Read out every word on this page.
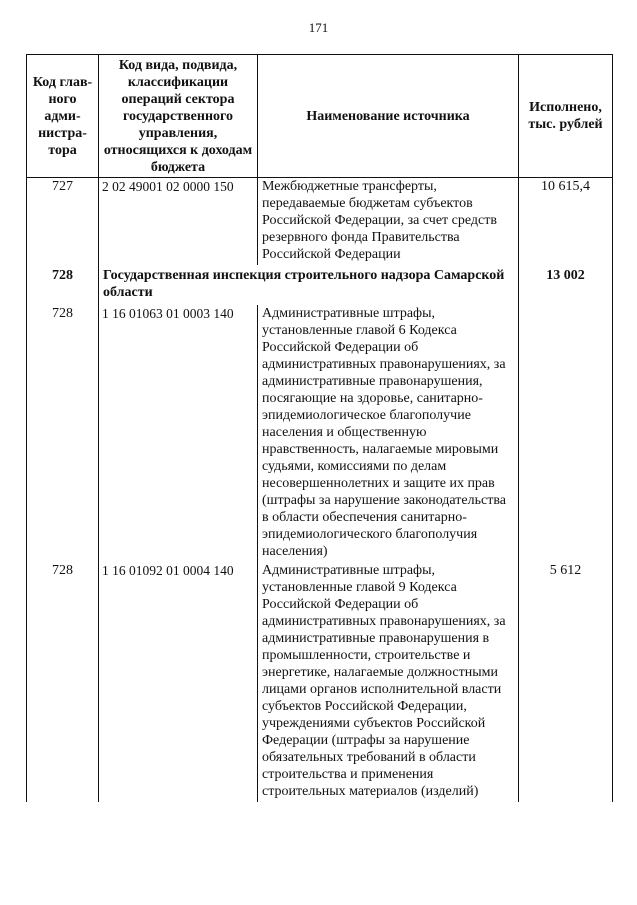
171
Код глав-ного адми-нистра-тора	Код вида, подвида, классификации операций сектора государственного управления, относящихся к доходам бюджета	Наименование источника	Исполнено, тыс. рублей
727	2 02 49001 02 0000 150	Межбюджетные трансферты, передаваемые бюджетам субъектов Российской Федерации, за счет средств резервного фонда Правительства Российской Федерации	10 615,4
728	Государственная инспекция строительного надзора Самарской области		13 002
728	1 16 01063 01 0003 140	Административные штрафы, установленные главой 6 Кодекса Российской Федерации об административных правонарушениях, за административные правонарушения, посягающие на здоровье, санитарно-эпидемиологическое благополучие населения и общественную нравственность, налагаемые мировыми судьями, комиссиями по делам несовершеннолетних и защите их прав (штрафы за нарушение законодательства в области обеспечения санитарно-эпидемиологического благополучия населения)	
728	1 16 01092 01 0004 140	Административные штрафы, установленные главой 9 Кодекса Российской Федерации об административных правонарушениях, за административные правонарушения в промышленности, строительстве и энергетике, налагаемые должностными лицами органов исполнительной власти субъектов Российской Федерации, учреждениями субъектов Российской Федерации (штрафы за нарушение обязательных требований в области строительства и применения строительных материалов (изделий)	5 612
